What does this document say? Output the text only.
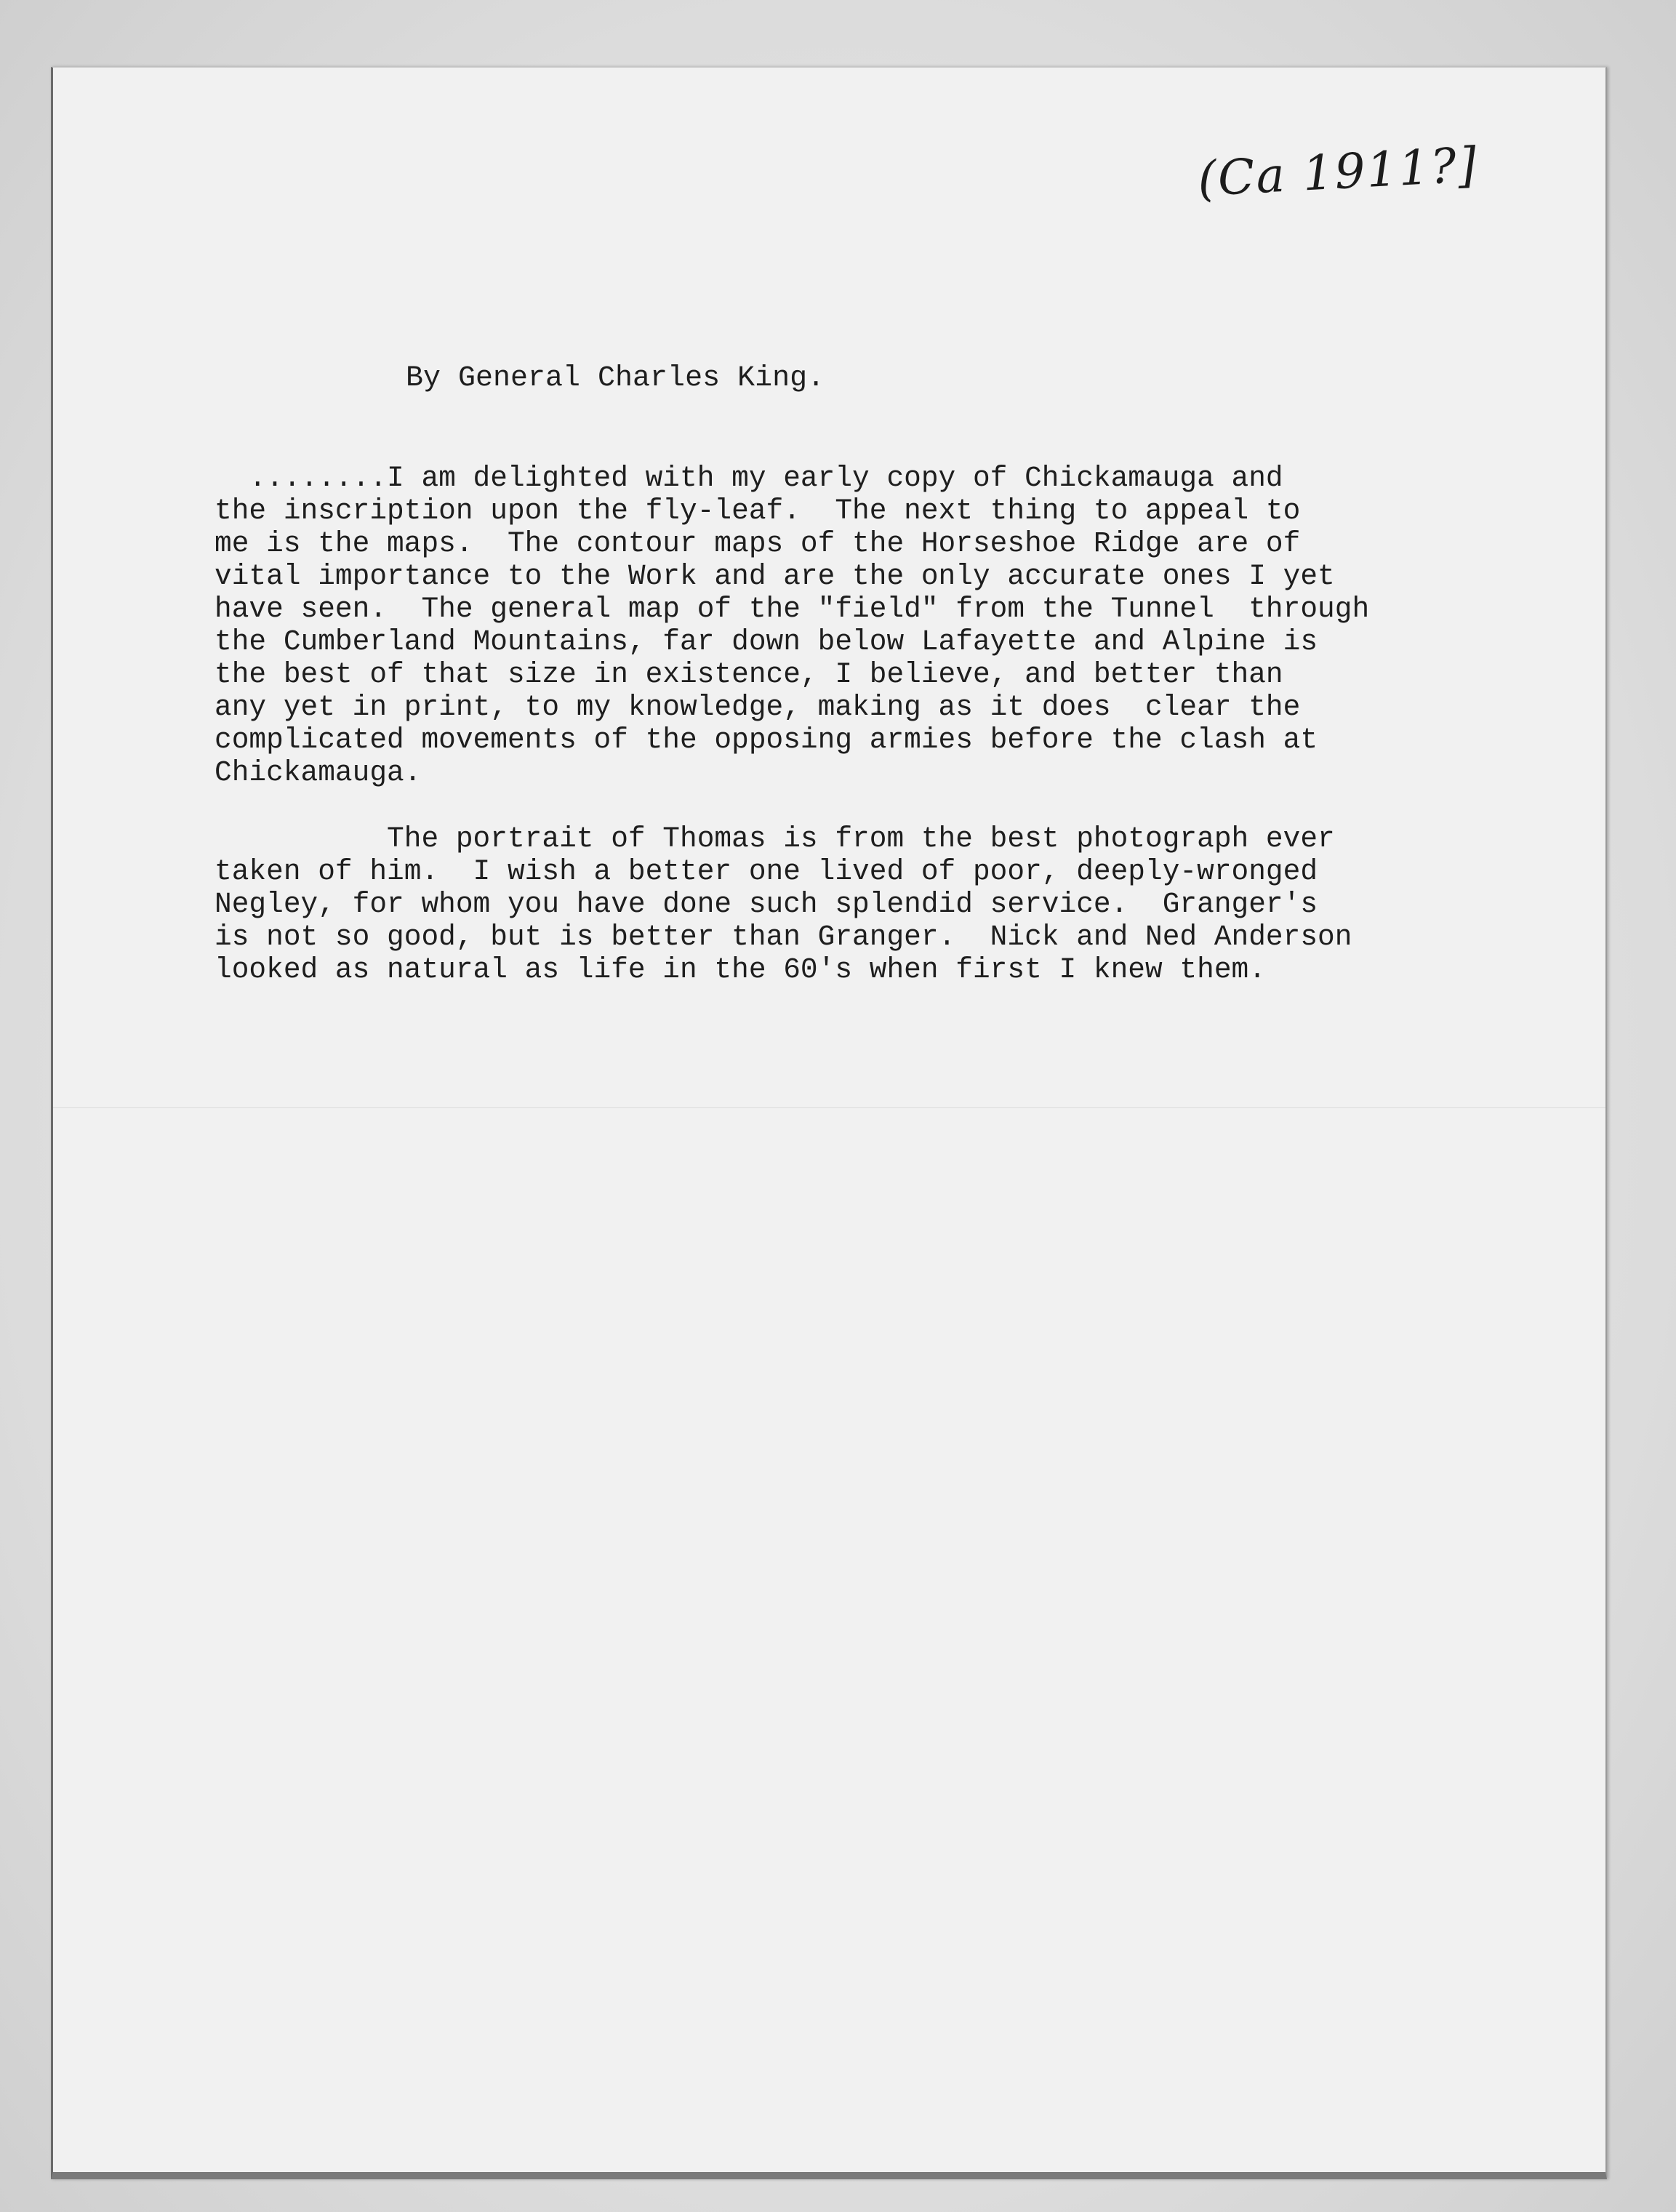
(Ca 1911?]
By General Charles King.
........I am delighted with my early copy of Chickamauga and
the inscription upon the fly-leaf.  The next thing to appeal to
me is the maps.  The contour maps of the Horseshoe Ridge are of
vital importance to the Work and are the only accurate ones I yet
have seen.  The general map of the "field" from the Tunnel  through
the Cumberland Mountains, far down below Lafayette and Alpine is
the best of that size in existence, I believe, and better than
any yet in print, to my knowledge, making as it does  clear the
complicated movements of the opposing armies before the clash at
Chickamauga.
The portrait of Thomas is from the best photograph ever
taken of him.  I wish a better one lived of poor, deeply-wronged
Negley, for whom you have done such splendid service.  Granger's
is not so good, but is better than Granger.  Nick and Ned Anderson
looked as natural as life in the 60's when first I knew them.
